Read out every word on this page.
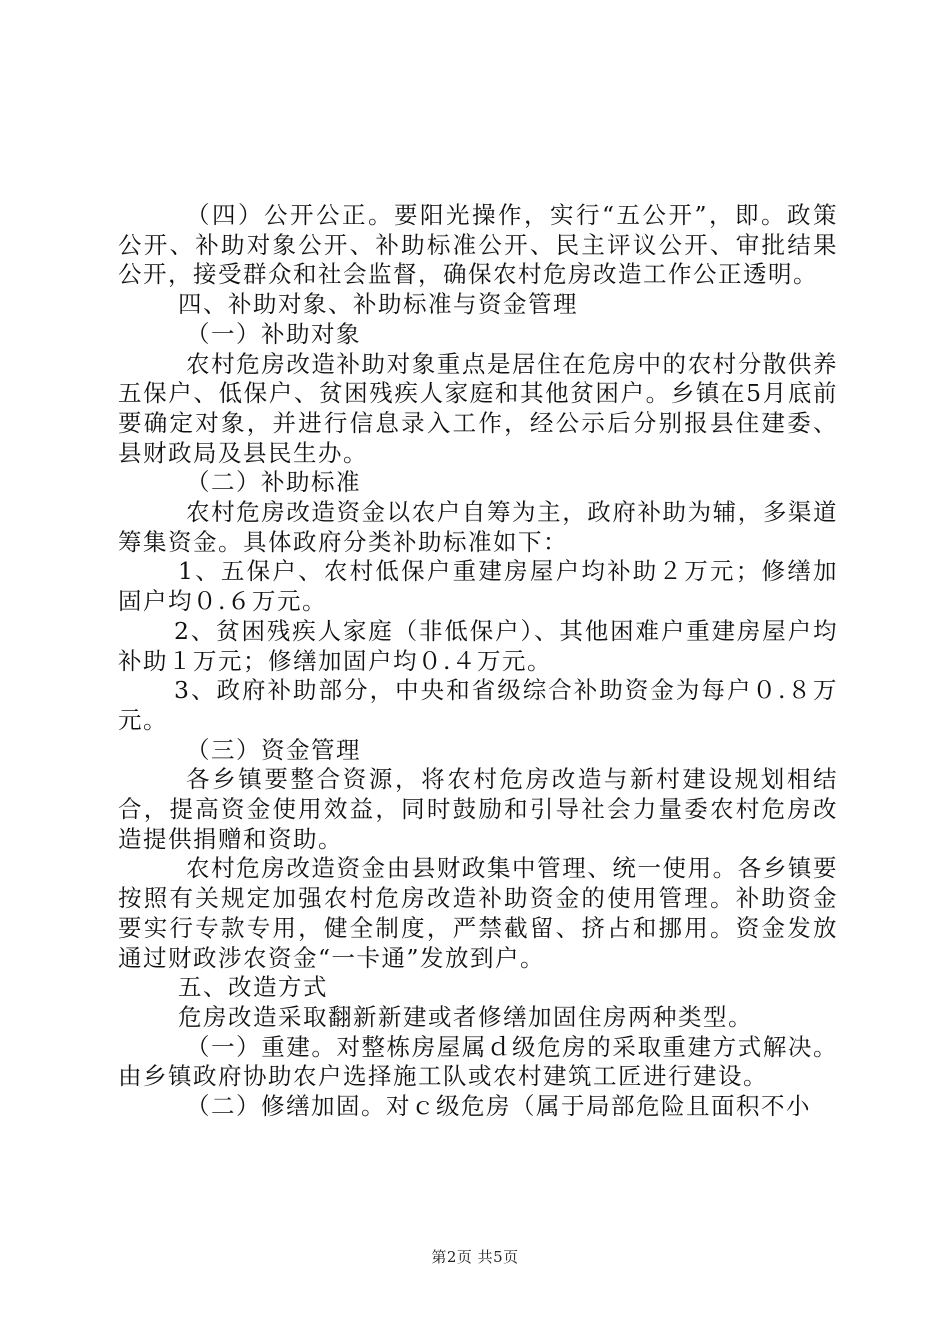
（四）公开公正。要阳光操作，实行“五公开”，即。政策公开、补助对象公开、补助标准公开、民主评议公开、审批结果公开，接受群众和社会监督，确保农村危房改造工作公正透明。

四、补助对象、补助标准与资金管理

（一）补助对象

农村危房改造补助对象重点是居住在危房中的农村分散供养五保户、低保户、贫困残疾人家庭和其他贫困户。乡镇在5月底前要确定对象，并进行信息录入工作，经公示后分别报县住建委、县财政局及县民生办。

（二）补助标准

农村危房改造资金以农户自筹为主，政府补助为辅，多渠道筹集资金。具体政府分类补助标准如下：

1、五保户、农村低保户重建房屋户均补助２万元；修缮加固户均０.６万元。

2、贫困残疾人家庭（非低保户）、其他困难户重建房屋户均补助１万元；修缮加固户均０.４万元。

3、政府补助部分，中央和省级综合补助资金为每户０.８万元。

（三）资金管理

各乡镇要整合资源，将农村危房改造与新村建设规划相结合，提高资金使用效益，同时鼓励和引导社会力量委农村危房改造提供捐赠和资助。

农村危房改造资金由县财政集中管理、统一使用。各乡镇要按照有关规定加强农村危房改造补助资金的使用管理。补助资金要实行专款专用，健全制度，严禁截留、挤占和挪用。资金发放通过财政涉农资金“一卡通”发放到户。

五、改造方式

危房改造采取翻新新建或者修缮加固住房两种类型。

（一）重建。对整栋房屋属ｄ级危房的采取重建方式解决。由乡镇政府协助农户选择施工队或农村建筑工匠进行建设。

（二）修缮加固。对ｃ级危房（属于局部危险且面积不小

第2页 共5页
